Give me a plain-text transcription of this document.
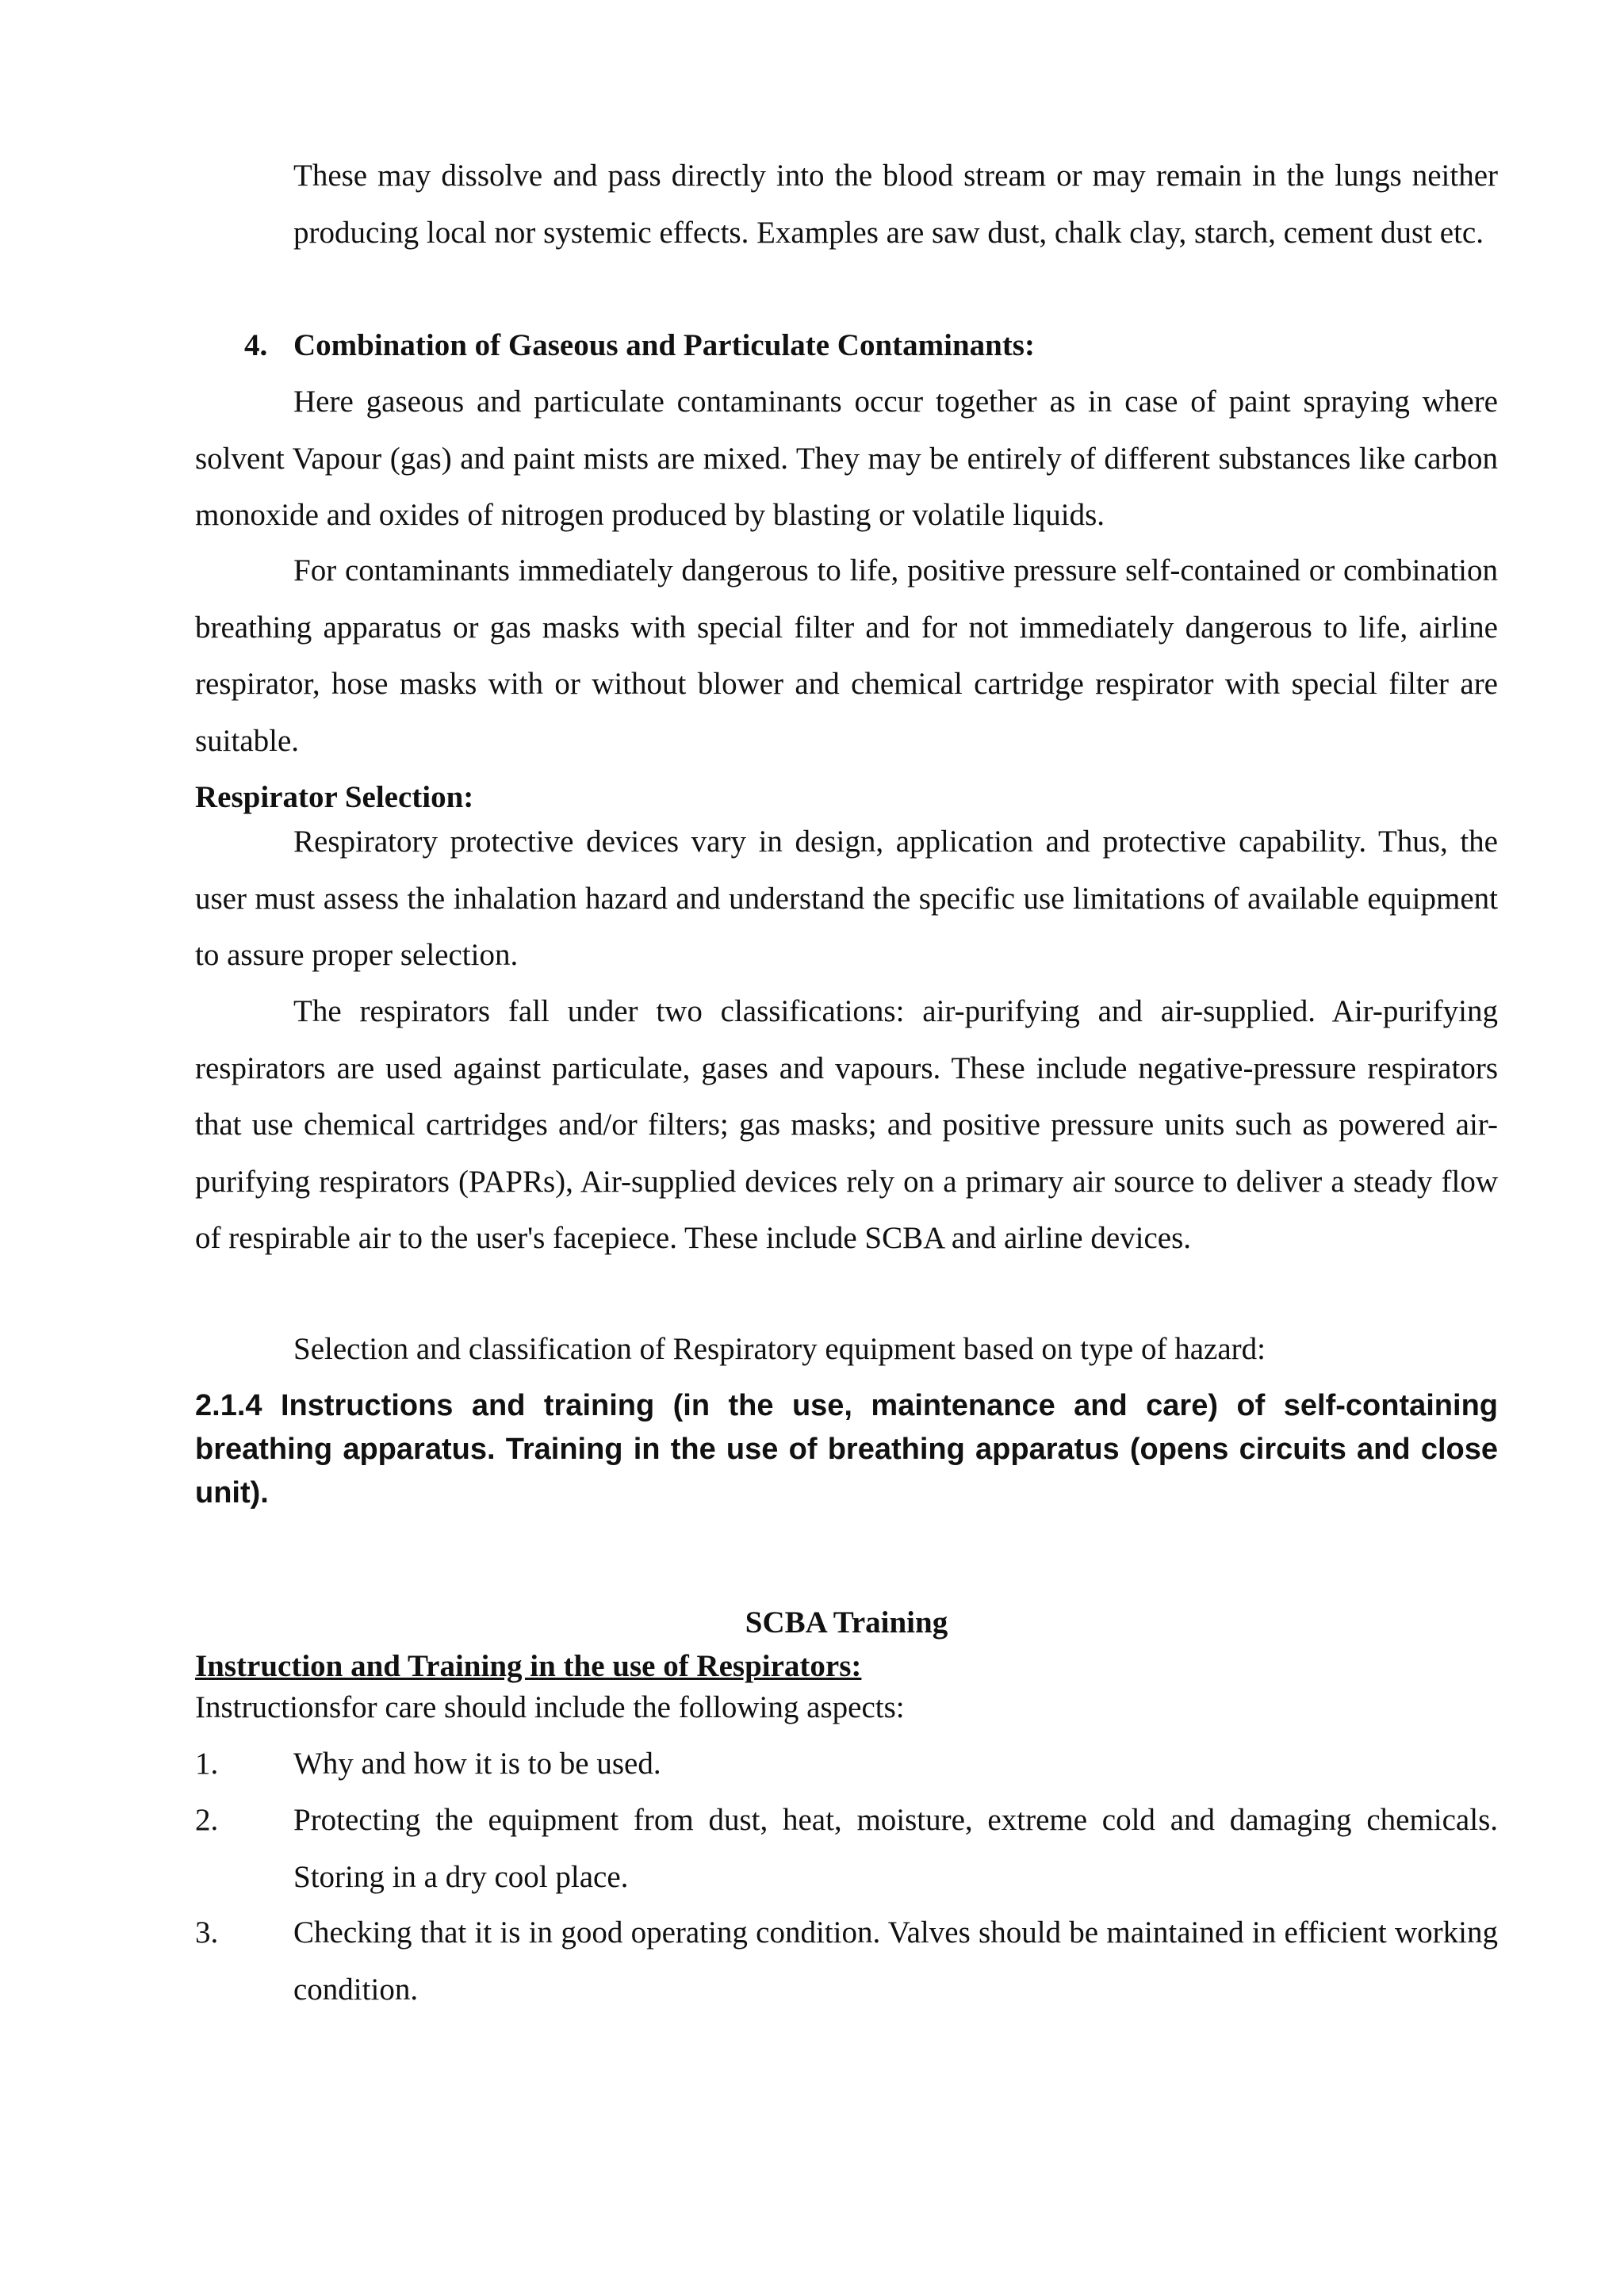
These may dissolve and pass directly into the blood stream or may remain in the lungs neither producing local nor systemic effects. Examples are saw dust, chalk clay, starch, cement dust etc.

4. Combination of Gaseous and Particulate Contaminants:

Here gaseous and particulate contaminants occur together as in case of paint spraying where solvent Vapour (gas) and paint mists are mixed. They may be entirely of different substances like carbon monoxide and oxides of nitrogen produced by blasting or volatile liquids.

For contaminants immediately dangerous to life, positive pressure self-contained or combination breathing apparatus or gas masks with special filter and for not immediately dangerous to life, airline respirator, hose masks with or without blower and chemical cartridge respirator with special filter are suitable.

Respirator Selection:

Respiratory protective devices vary in design, application and protective capability. Thus, the user must assess the inhalation hazard and understand the specific use limitations of available equipment to assure proper selection.

The respirators fall under two classifications: air-purifying and air-supplied. Air-purifying respirators are used against particulate, gases and vapours. These include negative-pressure respirators that use chemical cartridges and/or filters; gas masks; and positive pressure units such as powered air-purifying respirators (PAPRs), Air-supplied devices rely on a primary air source to deliver a steady flow of respirable air to the user's facepiece. These include SCBA and airline devices.

Selection and classification of Respiratory equipment based on type of hazard:

2.1.4 Instructions and training (in the use, maintenance and care) of self-containing breathing apparatus. Training in the use of breathing apparatus (opens circuits and close unit).
SCBA Training
Instruction and Training in the use of Respirators:

Instructionsfor care should include the following aspects:

1.	Why and how it is to be used.
2.	Protecting the equipment from dust, heat, moisture, extreme cold and damaging chemicals. Storing in a dry cool place.
3.	Checking that it is in good operating condition. Valves should be maintained in efficient working condition.
